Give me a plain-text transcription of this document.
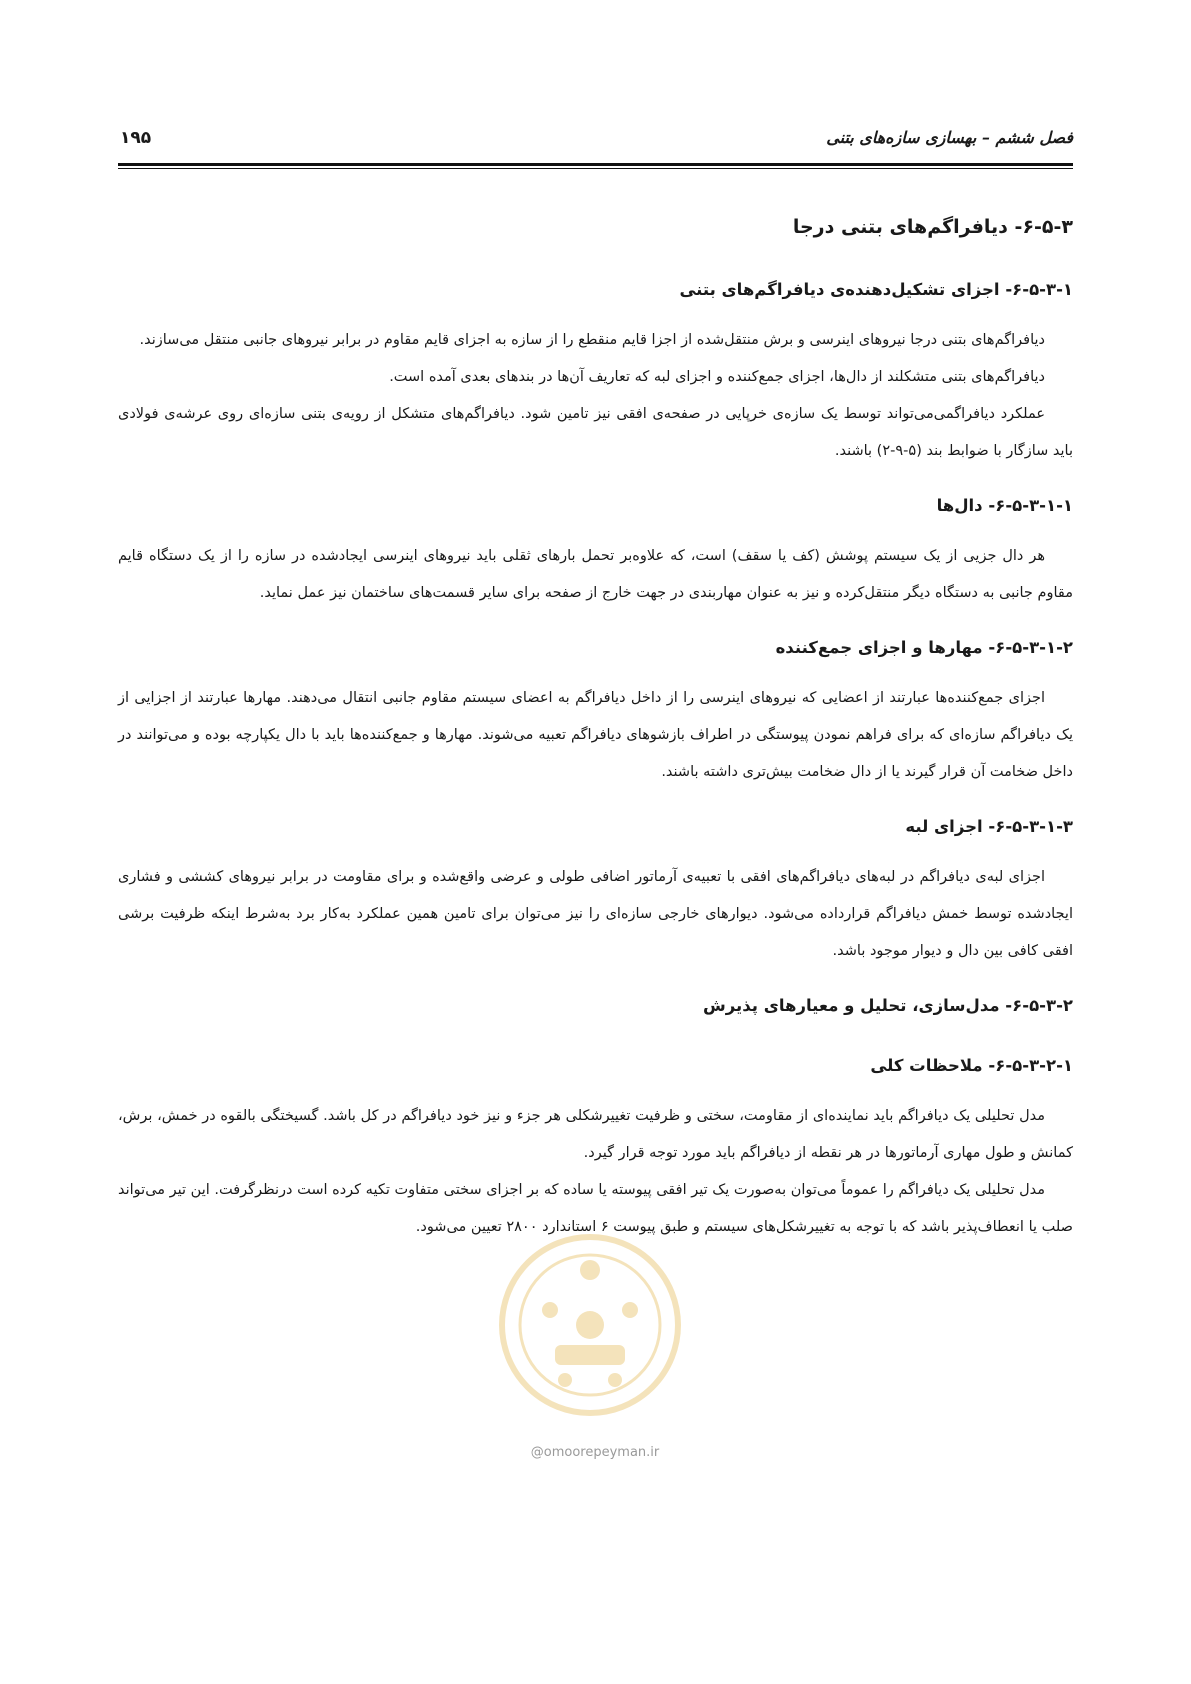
فصل ششم – بهسازی سازه‌های بتنی
۱۹۵
۶-۵-۳- دیافراگم‌های بتنی درجا
۶-۵-۳-۱- اجزای تشکیل‌دهنده‌ی دیافراگم‌های بتنی

دیافراگم‌های بتنی درجا نیروهای اینرسی و برش منتقل‌شده از اجزا قایم منقطع را از سازه به اجزای قایم مقاوم در برابر نیروهای جانبی منتقل می‌سازند.

دیافراگم‌های بتنی متشکلند از دال‌ها، اجزای جمع‌کننده و اجزای لبه که تعاریف آن‌ها در بندهای بعدی آمده است.

عملکرد دیافراگمی‌می‌تواند توسط یک سازه‌ی خرپایی در صفحه‌ی افقی نیز تامین شود. دیافراگم‌های متشکل از رویه‌ی بتنی سازه‌ای روی عرشه‌ی فولادی باید سازگار با ضوابط بند (۵-۹-۲) باشند.

۶-۵-۳-۱-۱- دال‌ها

هر دال جزیی از یک سیستم پوشش (کف یا سقف) است، که علاوه‌بر تحمل بارهای ثقلی باید نیروهای اینرسی ایجادشده در سازه را از یک دستگاه قایم مقاوم جانبی به دستگاه دیگر منتقل‌کرده و نیز به عنوان مهاربندی در جهت خارج از صفحه برای سایر قسمت‌های ساختمان نیز عمل نماید.

۶-۵-۳-۱-۲- مهارها و اجزای جمع‌کننده

اجزای جمع‌کننده‌ها عبارتند از اعضایی که نیروهای اینرسی را از داخل دیافراگم به اعضای سیستم مقاوم جانبی انتقال می‌دهند. مهارها عبارتند از اجزایی از یک دیافراگم سازه‌ای که برای فراهم نمودن پیوستگی در اطراف بازشوهای دیافراگم تعبیه می‌شوند. مهارها و جمع‌کننده‌ها باید با دال یکپارچه بوده و می‌توانند در داخل ضخامت آن قرار گیرند یا از دال ضخامت بیش‌تری داشته باشند.

۶-۵-۳-۱-۳- اجزای لبه

اجزای لبه‌ی دیافراگم در لبه‌های دیافراگم‌های افقی با تعبیه‌ی آرماتور اضافی طولی و عرضی واقع‌شده و برای مقاومت در برابر نیروهای کششی و فشاری ایجادشده توسط خمش دیافراگم قرارداده می‌شود. دیوارهای خارجی سازه‌ای را نیز می‌توان برای تامین همین عملکرد به‌کار برد به‌شرط اینکه ظرفیت برشی افقی کافی بین دال و دیوار موجود باشد.

۶-۵-۳-۲- مدل‌سازی، تحلیل و معیارهای پذیرش
۶-۵-۳-۲-۱- ملاحظات کلی

مدل تحلیلی یک دیافراگم باید نماینده‌ای از مقاومت، سختی و ظرفیت تغییرشکلی هر جزء و نیز خود دیافراگم در کل باشد. گسیختگی بالقوه در خمش، برش، کمانش و طول مهاری آرماتورها در هر نقطه از دیافراگم باید مورد توجه قرار گیرد.

مدل تحلیلی یک دیافراگم را عموماً می‌توان به‌صورت یک تیر افقی پیوسته یا ساده که بر اجزای سختی متفاوت تکیه کرده است درنظرگرفت. این تیر می‌تواند صلب یا انعطاف‌پذیر باشد که با توجه به تغییرشکل‌های سیستم و طبق پیوست ۶ استاندارد ۲۸۰۰ تعیین می‌شود.

@omoorepeyman.ir
